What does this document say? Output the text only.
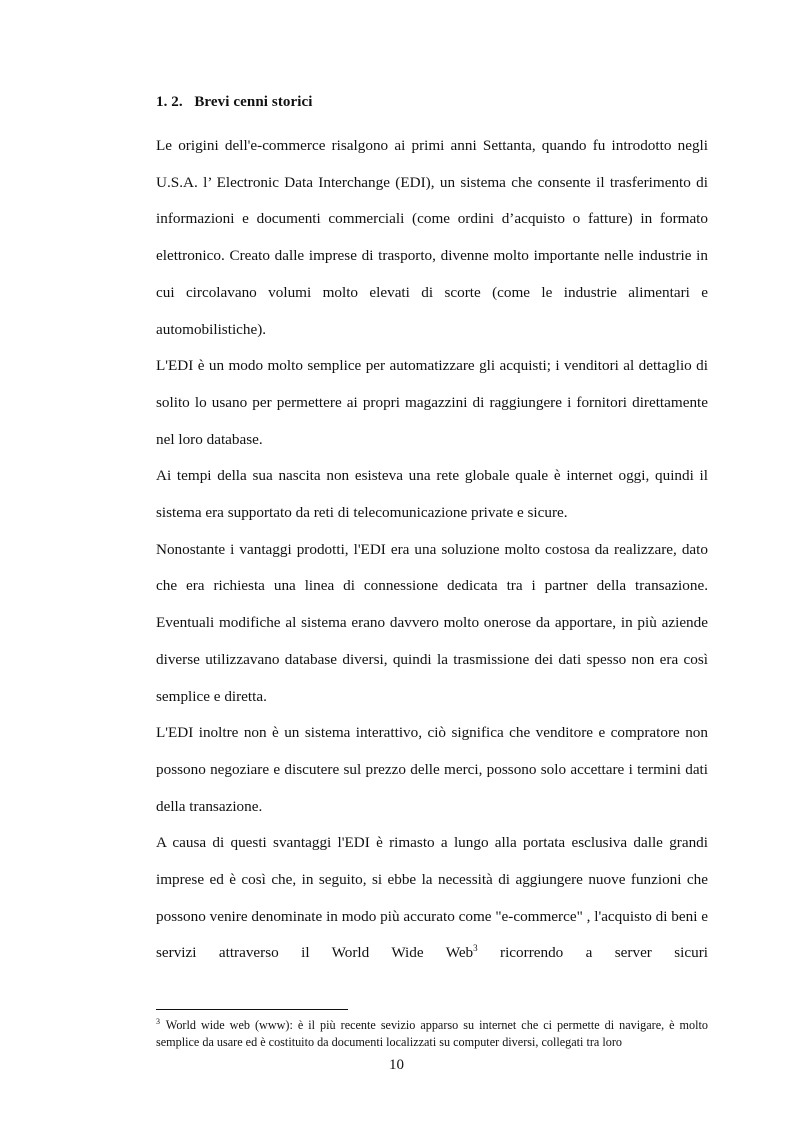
1. 2. Brevi cenni storici

Le origini dell'e-commerce risalgono ai primi anni Settanta, quando fu introdotto negli U.S.A. l’ Electronic Data Interchange (EDI), un sistema che consente il trasferimento di informazioni e documenti commerciali (come ordini d’acquisto o fatture) in formato elettronico. Creato dalle imprese di trasporto, divenne molto importante nelle industrie in cui circolavano volumi molto elevati di scorte (come le industrie alimentari e automobilistiche).

L'EDI è un modo molto semplice per automatizzare gli acquisti; i venditori al dettaglio di solito lo usano per permettere ai propri magazzini di raggiungere i fornitori direttamente nel loro database.

Ai tempi della sua nascita non esisteva una rete globale quale è internet oggi, quindi il sistema era supportato da reti di telecomunicazione private e sicure.

Nonostante i vantaggi prodotti, l'EDI era una soluzione molto costosa da realizzare, dato che era richiesta una linea di connessione dedicata tra i partner della transazione. Eventuali modifiche al sistema erano davvero molto onerose da apportare, in più aziende diverse utilizzavano database diversi, quindi la trasmissione dei dati spesso non era così semplice e diretta.

L'EDI inoltre non è un sistema interattivo, ciò significa che venditore e compratore non possono negoziare e discutere sul prezzo delle merci, possono solo accettare i termini dati della transazione.

A causa di questi svantaggi l'EDI è rimasto a lungo alla portata esclusiva dalle grandi imprese ed è così che, in seguito, si ebbe la necessità di aggiungere nuove funzioni che possono venire denominate in modo più accurato come "e-commerce" , l'acquisto di beni e servizi attraverso il World Wide Web$^3$ ricorrendo a server sicuri

$^3$ World wide web (www): è il più recente sevizio apparso su internet che ci permette di navigare, è molto semplice da usare ed è costituito da documenti localizzati su computer diversi, collegati tra loro
10
